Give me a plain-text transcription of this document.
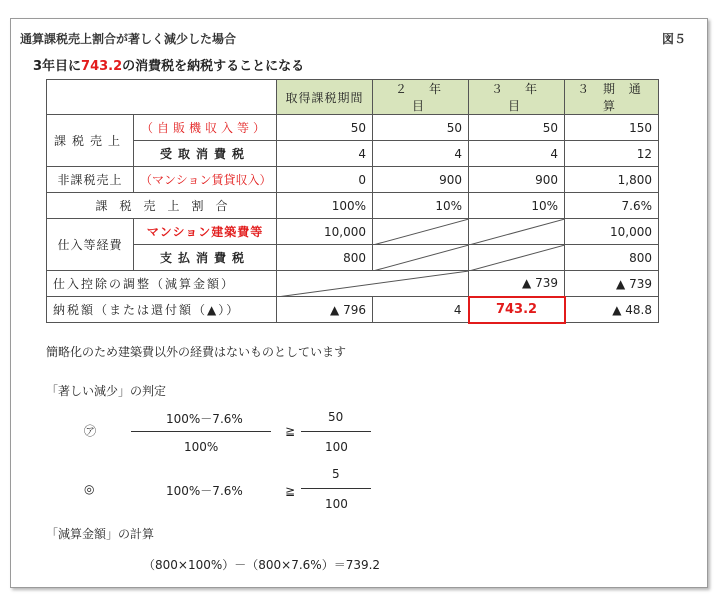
通算課税売上割合が著しく減少した場合	図５
3年目に743.2の消費税を納税することになる
		取得課税期間	２　年　目	３　年　目	３ 期 通 算
課税売上	（自販機収入等）	50	50	50	150
	受取消費税	4	4	4	12
非課税売上	（マンション賃貸収入）	0	900	900	1,800
課　税　売　上　割　合		100%	10%	10%	7.6%
仕入等経費	マンション建築費等	10,000			10,000
	支払消費税	800			800
仕入控除の調整（減算金額）				▲ 739	▲ 739
納税額（または還付額（▲））		▲ 796	4	743.2	▲ 48.8
簡略化のため建築費以外の経費はないものとしています
「著しい減少」の判定
㋐
100%－7.6%
100%
≧
50
100
◎	100%－7.6%	≧
5
100
「減算金額」の計算
（800×100%）－（800×7.6%）＝739.2
